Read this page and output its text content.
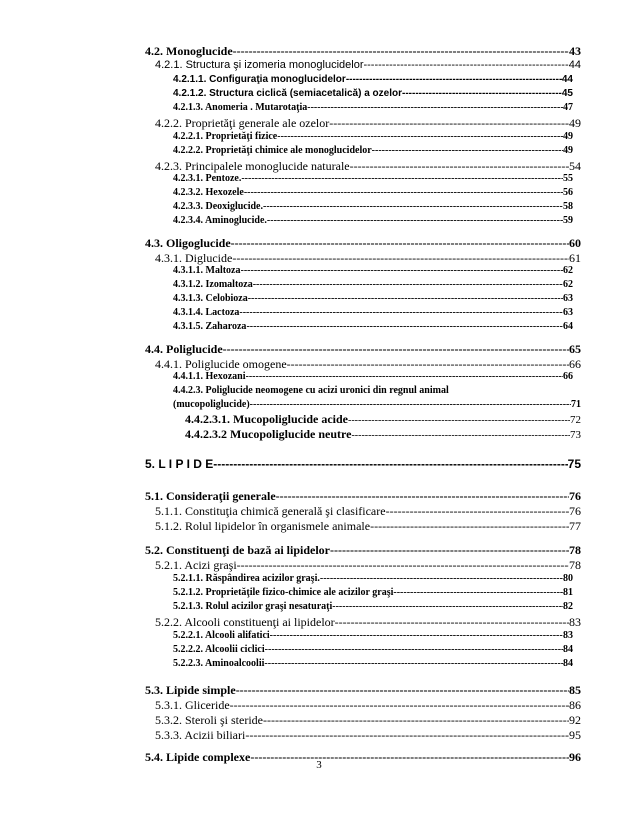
4.2. Monoglucide -----	43
4.2.1. Structura şi izomeria monoglucidelor -----	44
4.2.1.1. Configuraţia monoglucidelor -----	44
4.2.1.2. Structura ciclică (semiacetalică) a ozelor -----	45
4.2.1.3. Anomeria . Mutarotaţia -----	47
4.2.2. Proprietăţi generale ale ozelor -----	49
4.2.2.1. Proprietăţi fizice -----	49
4.2.2.2. Proprietăţi chimice ale monoglucidelor -----	49
4.2.3. Principalele monoglucide naturale -----	54
4.2.3.1. Pentoze. -----	55
4.2.3.2. Hexozele -----	56
4.2.3.3. Deoxiglucide. -----	58
4.2.3.4. Aminoglucide. -----	59
4.3. Oligoglucide -----	60
4.3.1. Diglucide -----	61
4.3.1.1. Maltoza -----	62
4.3.1.2. Izomaltoza -----	62
4.3.1.3. Celobioza -----	63
4.3.1.4. Lactoza -----	63
4.3.1.5. Zaharoza -----	64
4.4. Poliglucide -----	65
4.4.1. Poliglucide omogene -----	66
4.4.1.1. Hexozani -----	66
4.4.2.3. Poliglucide neomogene cu acizi uronici din regnul animal
(mucopoliglucide) -----	71
4.4.2.3.1. Mucopoliglucide acide -----	72
4.4.2.3.2 Mucopoliglucide neutre -----	73
5. L I P I D E -----	75
5.1. Consideraţii generale -----	76
5.1.1. Constituţia chimică generală şi clasificare -----	76
5.1.2. Rolul lipidelor în organismele animale -----	77
5.2. Constituenţi de bază ai lipidelor -----	78
5.2.1. Acizi graşi -----	78
5.2.1.1. Răspândirea acizilor graşi. -----	80
5.2.1.2. Proprietăţile fizico-chimice ale acizilor graşi -----	81
5.2.1.3. Rolul acizilor graşi nesaturaţi -----	82
5.2.2. Alcooli constituenţi ai lipidelor -----	83
5.2.2.1. Alcooli alifatici -----	83
5.2.2.2. Alcoolii ciclici -----	84
5.2.2.3. Aminoalcoolii -----	84
5.3. Lipide simple -----	85
5.3.1. Gliceride -----	86
5.3.2. Steroli şi steride -----	92
5.3.3. Acizii biliari -----	95
5.4. Lipide complexe -----	96
3
